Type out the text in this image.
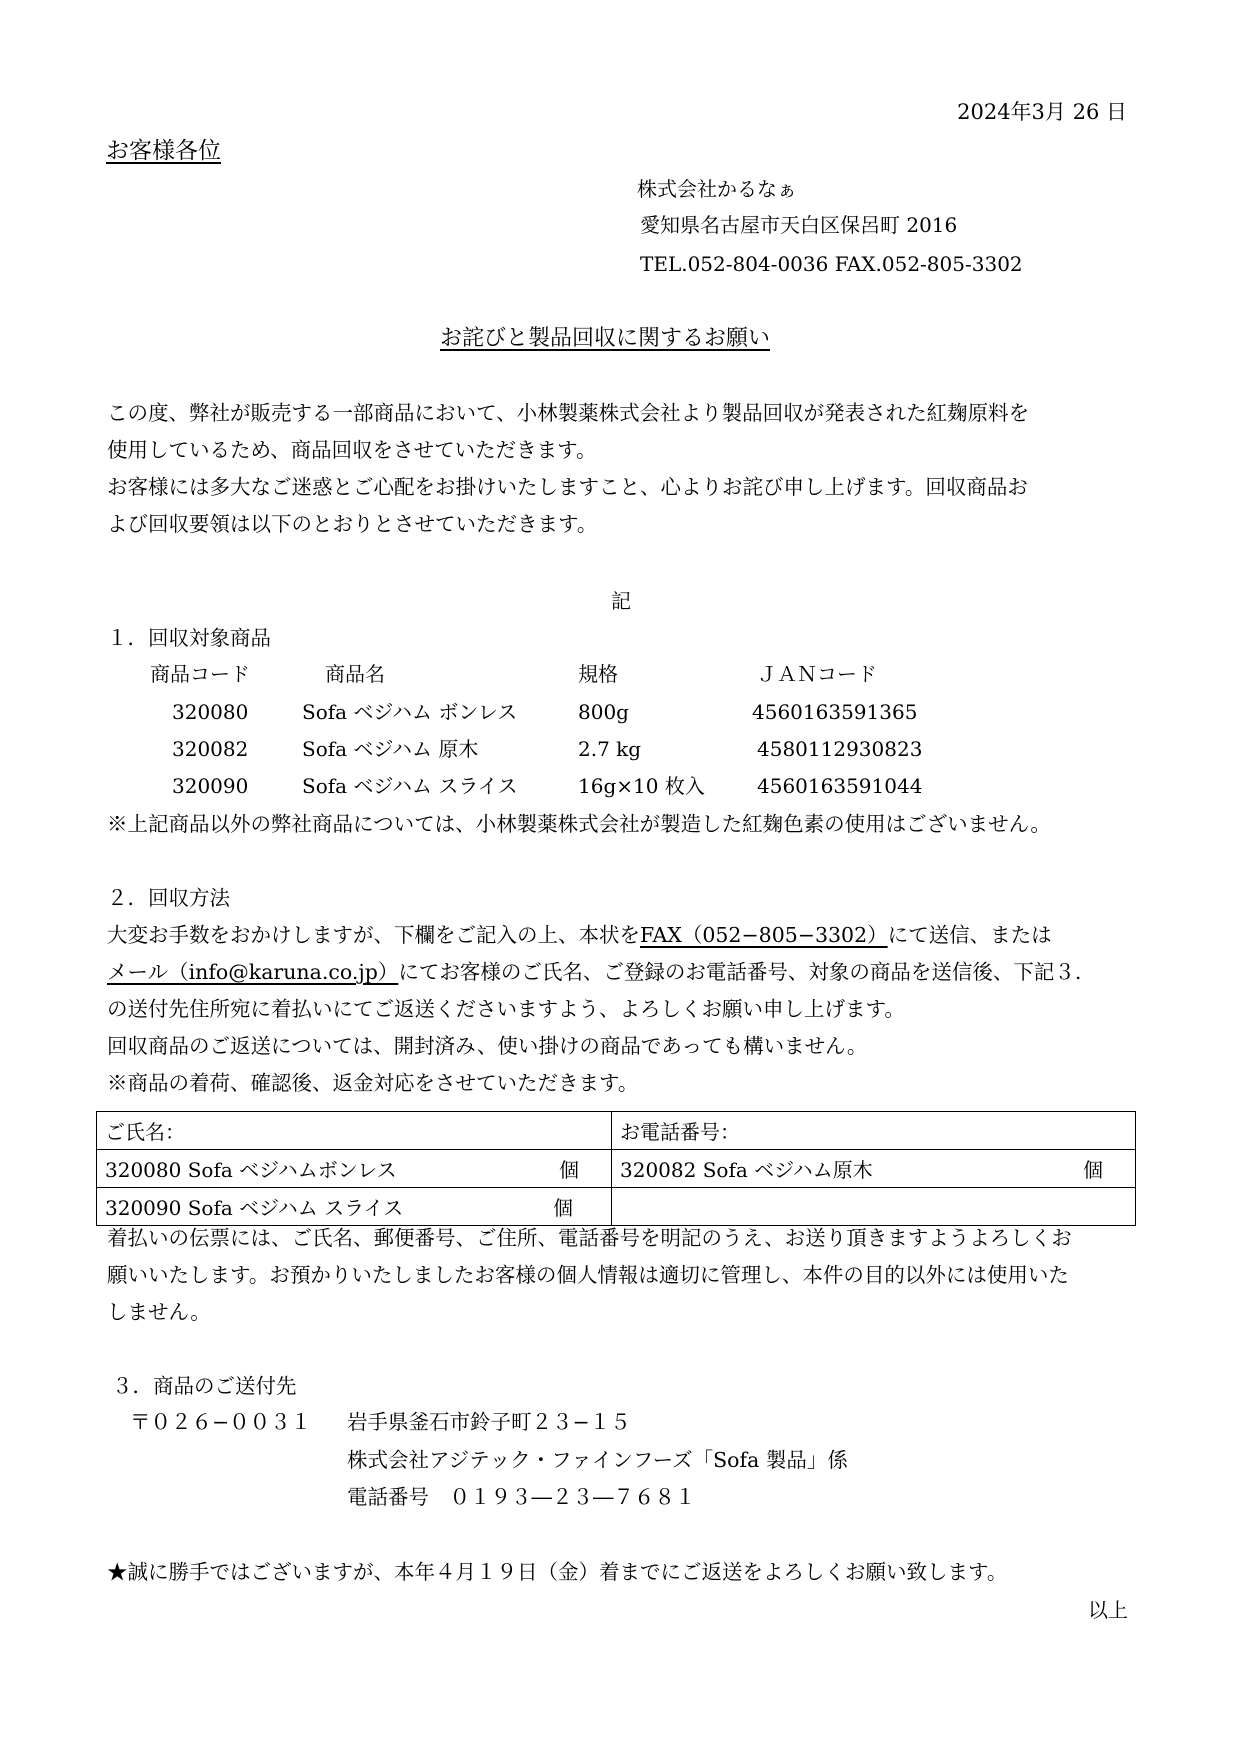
2024年3月 26 日
お客様各位
株式会社かるなぁ
愛知県名古屋市天白区保呂町 2016
TEL.052-804-0036 FAX.052-805-3302
お詫びと製品回収に関するお願い
この度、弊社が販売する一部商品において、小林製薬株式会社より製品回収が発表された紅麹原料を
使用しているため、商品回収をさせていただきます。
お客様には多大なご迷惑とご心配をお掛けいたしますこと、心よりお詫び申し上げます。回収商品お
よび回収要領は以下のとおりとさせていただきます。
記
１．回収対象商品
商品コード	商品名	規格	ＪＡＮコード
320080	Sofa ベジハム ボンレス	800g	4560163591365
320082	Sofa ベジハム 原木	2.7 kg	4580112930823
320090	Sofa ベジハム スライス	16g×10 枚入	4560163591044
※上記商品以外の弊社商品については、小林製薬株式会社が製造した紅麹色素の使用はございません。
２．回収方法
大変お手数をおかけしますが、下欄をご記入の上、本状をFAX（052−805−3302）にて送信、または
メール（info@karuna.co.jp）にてお客様のご氏名、ご登録のお電話番号、対象の商品を送信後、下記３.
の送付先住所宛に着払いにてご返送くださいますよう、よろしくお願い申し上げます。
回収商品のご返送については、開封済み、使い掛けの商品であっても構いません。
※商品の着荷、確認後、返金対応をさせていただきます。
ご氏名：	お電話番号：

320080 Sofa ベジハムボンレス 個	320082 Sofa ベジハム原木 個

320090 Sofa ベジハム スライス 個	

着払いの伝票には、ご氏名、郵便番号、ご住所、電話番号を明記のうえ、お送り頂きますようよろしくお
願いいたします。お預かりいたしましたお客様の個人情報は適切に管理し、本件の目的以外には使用いた
しません。
３．商品のご送付先
〒０２６−００３１ 岩手県釜石市鈴子町２３−１５
株式会社アジテック・ファインフーズ「Sofa 製品」係
電話番号　０１９３―２３―７６８１
★誠に勝手ではございますが、本年４月１９日（金）着までにご返送をよろしくお願い致します。
以上
